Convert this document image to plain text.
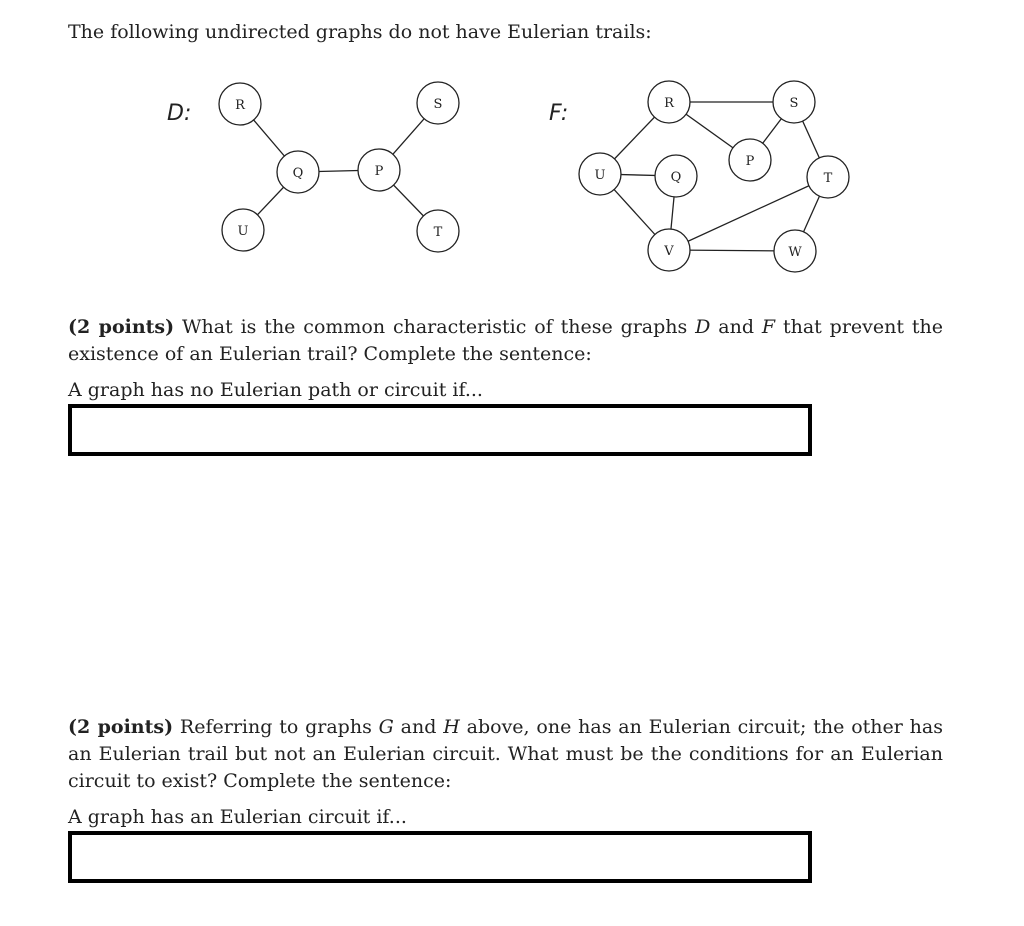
The following undirected graphs do not have Eulerian trails:

D:	F:
R	S
Q	P
U	T
R	S
P
U	Q	T
V	W

(2 points) What is the common characteristic of these graphs D and F that prevent the existence of an Eulerian trail? Complete the sentence:

A graph has no Eulerian path or circuit if...

(2 points) Referring to graphs G and H above, one has an Eulerian circuit; the other has an Eulerian trail but not an Eulerian circuit. What must be the conditions for an Eulerian circuit to exist? Complete the sentence:

A graph has an Eulerian circuit if...
